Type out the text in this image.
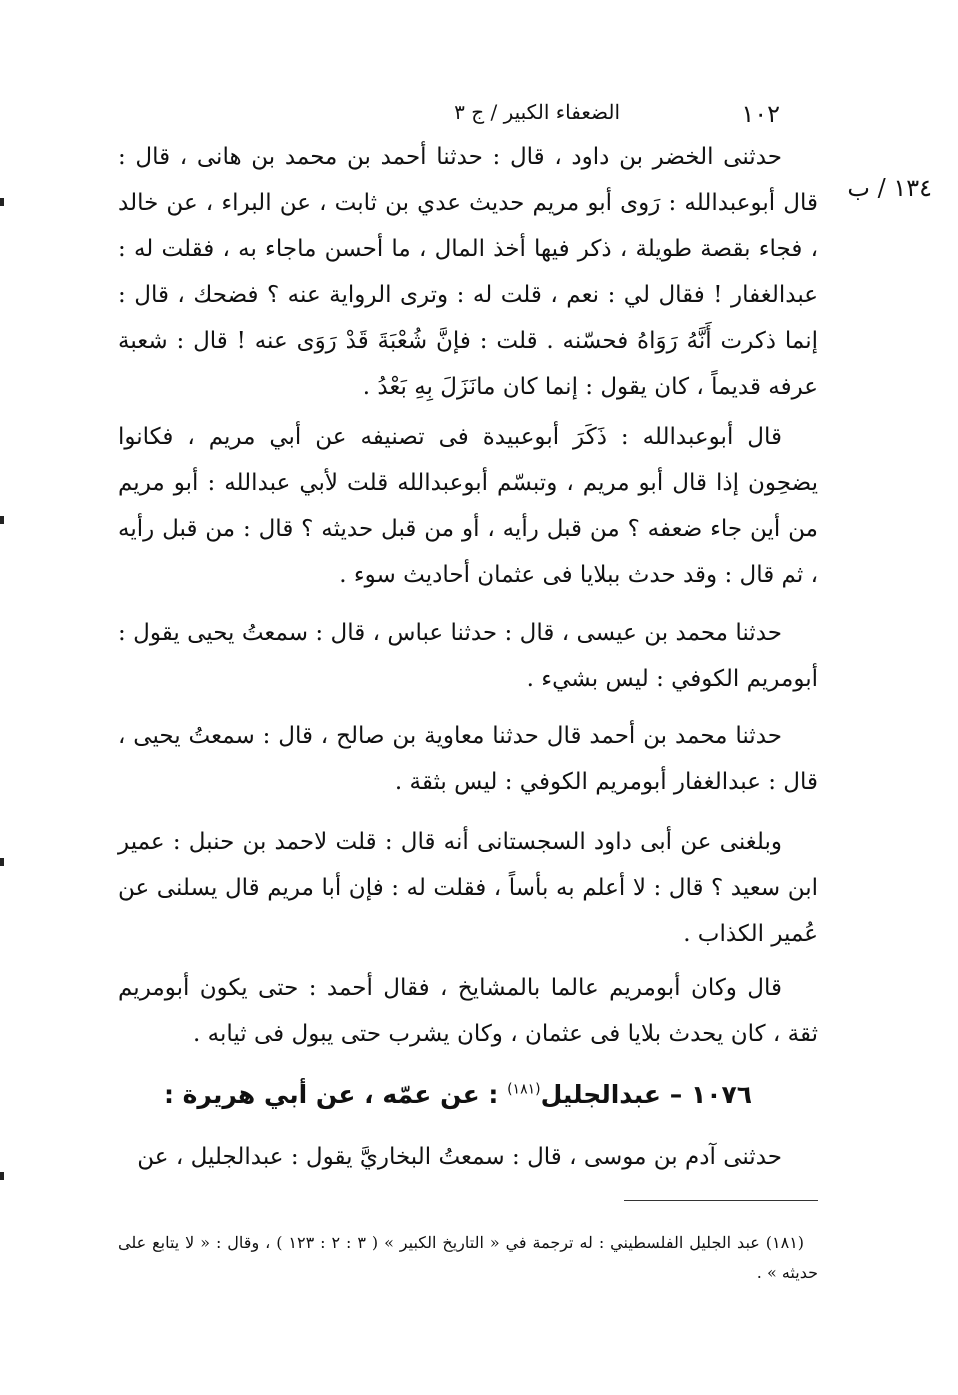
١٠٢
الضعفاء الكبير / ج ٣
١٣٤ / ب

حدثنى الخضر بن داود ، قال : حدثنا أحمد بن محمد بن هانى ، قال : قال أبوعبدالله : رَوى أبو مريم حديث عدي بن ثابت ، عن البراء ، عن خالد ، فجاء بقصة طويلة ، ذكر فيها أخذ المال ، ما أحسن ماجاء به ، فقلت له : عبدالغفار ! فقال لي : نعم ، قلت له : وترى الرواية عنه ؟ فضحك ، قال : إنما ذكرت أَنَّهُ رَوَاهُ فحسّنه . قلت : فإنَّ شُعْبَةَ قَدْ رَوَى عنه ! قال : شعبة عرفه قديماً ، كان يقول : إنما كان مانَزَلَ بِهِ بَعْدُ .

قال أبوعبدالله : ذَكَرَ أبوعبيدة فى تصنيفه عن أبي مريم ، فكانوا يضحِون إذا قال أبو مريم ، وتبسّم أبوعبدالله قلت لأبي عبدالله : أبو مريم من أين جاء ضعفه ؟ من قبل رأيه ، أو من قبل حديثه ؟ قال : من قبل رأيه ، ثم قال : وقد حدث ببلايا فى عثمان أحاديث سوء .

حدثنا محمد بن عيسى ، قال : حدثنا عباس ، قال : سمعتُ يحيى يقول : أبومريم الكوفي : ليس بشيء .

حدثنا محمد بن أحمد قال حدثنا معاوية بن صالح ، قال : سمعتُ يحيى ، قال : عبدالغفار أبومريم الكوفي : ليس بثقة .

وبلغنى عن أبى داود السجستانى أنه قال : قلت لاحمد بن حنبل : عمير ابن سعيد ؟ قال : لا أعلم به بأساً ، فقلت له : فإن أبا مريم قال يسلنى عن عُمير الكذاب .

قال وكان أبومريم عالما بالمشايخ ، فقال أحمد : حتى يكون أبومريم ثقة ، كان يحدث بلايا فى عثمان ، وكان يشرب حتى يبول فى ثيابه .

١٠٧٦ – عبدالجليل$^{(١٨١)}$ : عن عمّه ، عن أبي هريرة :

حدثنى آدم بن موسى ، قال : سمعتُ البخاريَّ يقول : عبدالجليل ، عن

(١٨١) عبد الجليل الفلسطيني : له ترجمة في « التاريخ الكبير » ( ٣ : ٢ : ١٢٣ ) ، وقال : « لا يتابع على حديثه » .
